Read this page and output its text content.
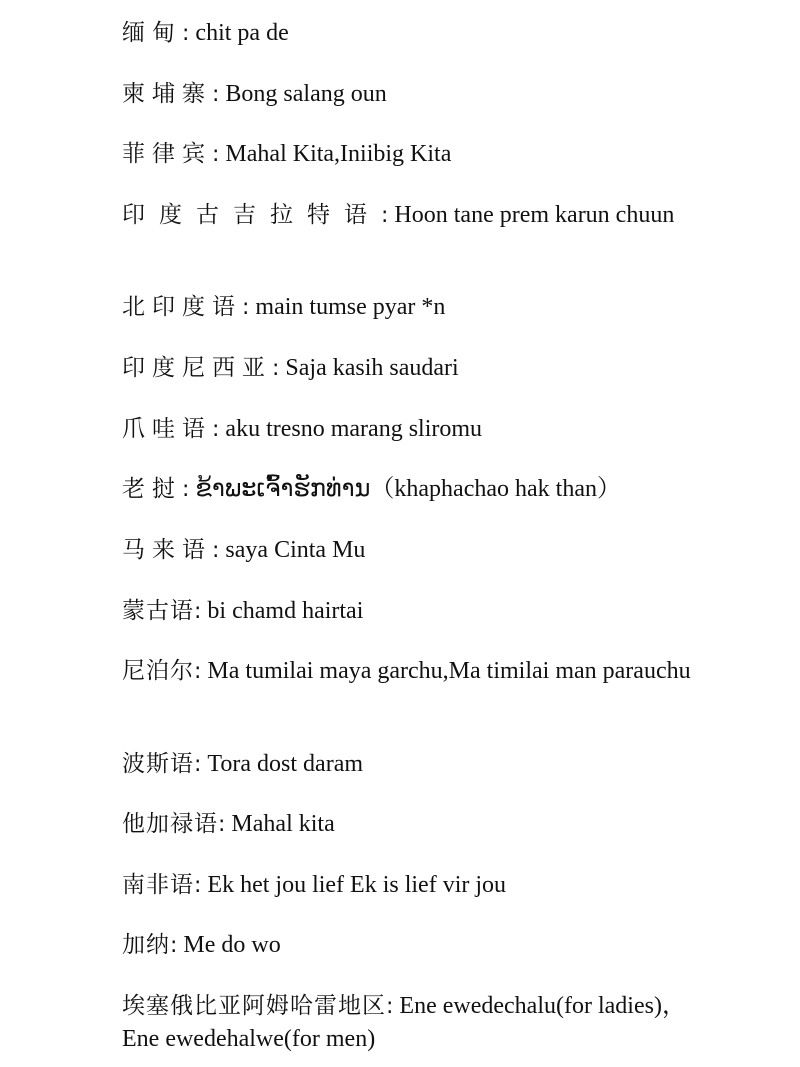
缅甸: chit pa de
柬埔寨: Bong salang oun
菲律宾: Mahal Kita,Iniibig Kita
印度古吉拉特语: Hoon tane prem karun chuun
北印度语: main tumse pyar *n
印度尼西亚: Saja kasih saudari
爪哇语: aku tresno marang sliromu
老挝: ຂ້າພະເຈົ້າຮັກທ່ານ（khaphachao hak than）
马来语: saya Cinta Mu
蒙古语: bi chamd hairtai
尼泊尔: Ma tumilai maya garchu,Ma timilai man parauchu
波斯语: Tora dost daram
他加禄语: Mahal kita
南非语: Ek het jou lief Ek is lief vir jou
加纳: Me do wo
埃塞俄比亚阿姆哈雷地区: Ene ewedechalu(for ladies)，Ene ewedehalwe(for men)
